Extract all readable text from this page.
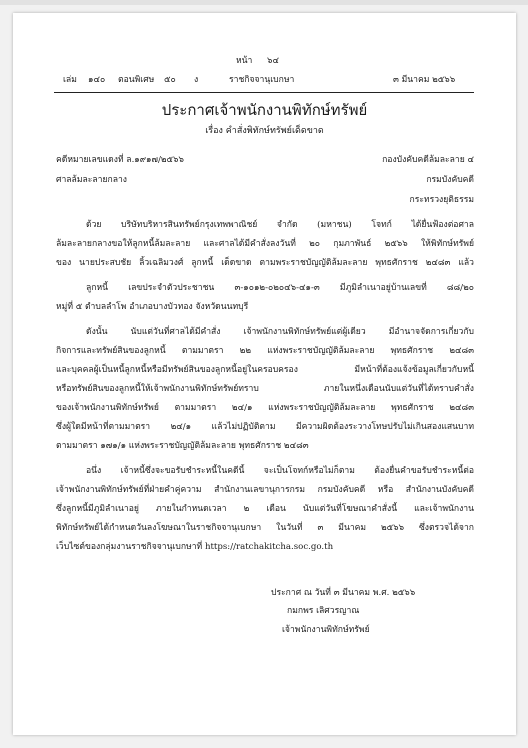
หน้า ๖๔
เล่ม ๑๔๐ ตอนพิเศษ ๕๐ ง	ราชกิจจานุเบกษา	๓ มีนาคม ๒๕๖๖
ประกาศเจ้าพนักงานพิทักษ์ทรัพย์
เรื่อง คำสั่งพิทักษ์ทรัพย์เด็ดขาด
คดีหมายเลขแดงที่ ล.๑๙๑๗/๒๕๖๖
ศาลล้มละลายกลาง
กองบังคับคดีล้มละลาย ๔
กรมบังคับคดี
กระทรวงยุติธรรม
ด้วย บริษัทบริหารสินทรัพย์กรุงเทพพาณิชย์ จำกัด (มหาชน) โจทก์ ได้ยื่นฟ้องต่อศาล
ล้มละลายกลางขอให้ลูกหนี้ล้มละลาย และศาลได้มีคำสั่งลงวันที่ ๒๐ กุมภาพันธ์ ๒๕๖๖ ให้พิทักษ์ทรัพย์
ของ นายประสบชัย ลิ้วเฉลิมวงศ์ ลูกหนี้ เด็ดขาด ตามพระราชบัญญัติล้มละลาย พุทธศักราช ๒๔๘๓ แล้ว
ลูกหนี้ เลขประจำตัวประชาชน ๓-๑๐๑๒-๐๒๐๔๖-๔๑-๓ มีภูมิลำเนาอยู่บ้านเลขที่ ๘๘/๒๐
หมู่ที่ ๕ ตำบลลำโพ อำเภอบางบัวทอง จังหวัดนนทบุรี
ดังนั้น นับแต่วันที่ศาลได้มีคำสั่ง เจ้าพนักงานพิทักษ์ทรัพย์แต่ผู้เดียว มีอำนาจจัดการเกี่ยวกับ
กิจการและทรัพย์สินของลูกหนี้ ตามมาตรา ๒๒ แห่งพระราชบัญญัติล้มละลาย พุทธศักราช ๒๔๘๓
และบุคคลผู้เป็นหนี้ลูกหนี้หรือมีทรัพย์สินของลูกหนี้อยู่ในครอบครอง มีหน้าที่ต้องแจ้งข้อมูลเกี่ยวกับหนี้
หรือทรัพย์สินของลูกหนี้ให้เจ้าพนักงานพิทักษ์ทรัพย์ทราบ ภายในหนึ่งเดือนนับแต่วันที่ได้ทราบคำสั่ง
ของเจ้าพนักงานพิทักษ์ทรัพย์ ตามมาตรา ๒๔/๑ แห่งพระราชบัญญัติล้มละลาย พุทธศักราช ๒๔๘๓
ซึ่งผู้ใดมีหน้าที่ตามมาตรา ๒๔/๑ แล้วไม่ปฏิบัติตาม มีความผิดต้องระวางโทษปรับไม่เกินสองแสนบาท
ตามมาตรา ๑๗๑/๑ แห่งพระราชบัญญัติล้มละลาย พุทธศักราช ๒๔๘๓
อนึ่ง เจ้าหนี้ซึ่งจะขอรับชำระหนี้ในคดีนี้ จะเป็นโจทก์หรือไม่ก็ตาม ต้องยื่นคำขอรับชำระหนี้ต่อ
เจ้าพนักงานพิทักษ์ทรัพย์ที่ฝ่ายคำคู่ความ สำนักงานเลขานุการกรม กรมบังคับคดี หรือ สำนักงานบังคับคดี
ซึ่งลูกหนี้มีภูมิลำเนาอยู่ ภายในกำหนดเวลา ๒ เดือน นับแต่วันที่โฆษณาคำสั่งนี้ และเจ้าพนักงาน
พิทักษ์ทรัพย์ได้กำหนดวันลงโฆษณาในราชกิจจานุเบกษา ในวันที่ ๓ มีนาคม ๒๕๖๖ ซึ่งตรวจได้จาก
เว็บไซต์ของกลุ่มงานราชกิจจานุเบกษาที่ https://ratchakitcha.soc.go.th
ประกาศ ณ วันที่ ๓ มีนาคม พ.ศ. ๒๕๖๖
กมกพร เลิศวรญาณ
เจ้าพนักงานพิทักษ์ทรัพย์
